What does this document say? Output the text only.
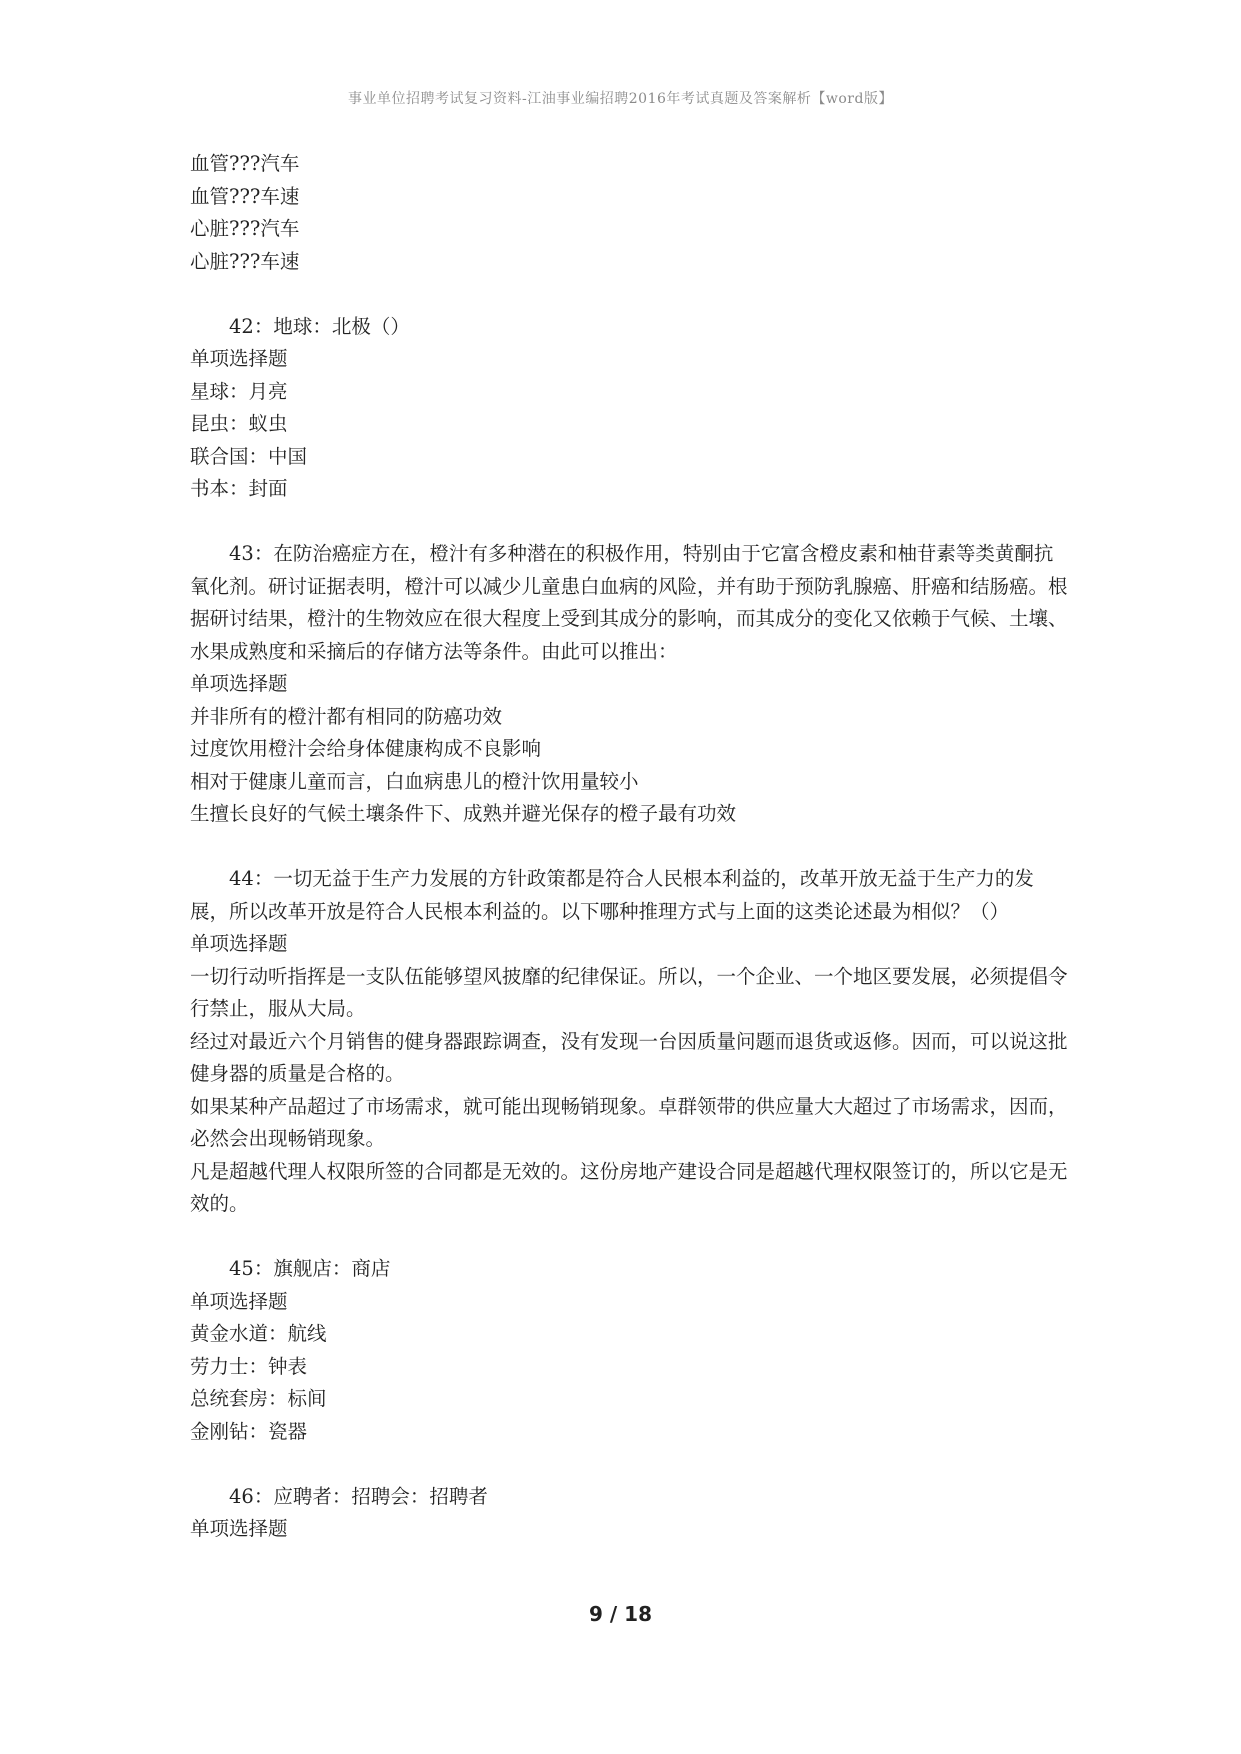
事业单位招聘考试复习资料-江油事业编招聘2016年考试真题及答案解析【word版】
血管???汽车
血管???车速
心脏???汽车
心脏???车速
42：地球：北极（）
单项选择题
星球：月亮
昆虫：蚁虫
联合国：中国
书本：封面
43：在防治癌症方在，橙汁有多种潜在的积极作用，特别由于它富含橙皮素和柚苷素等类黄酮抗氧化剂。研讨证据表明，橙汁可以减少儿童患白血病的风险，并有助于预防乳腺癌、肝癌和结肠癌。根据研讨结果，橙汁的生物效应在很大程度上受到其成分的影响，而其成分的变化又依赖于气候、土壤、水果成熟度和采摘后的存储方法等条件。由此可以推出：
单项选择题
并非所有的橙汁都有相同的防癌功效
过度饮用橙汁会给身体健康构成不良影响
相对于健康儿童而言，白血病患儿的橙汁饮用量较小
生擅长良好的气候土壤条件下、成熟并避光保存的橙子最有功效
44：一切无益于生产力发展的方针政策都是符合人民根本利益的，改革开放无益于生产力的发展，所以改革开放是符合人民根本利益的。以下哪种推理方式与上面的这类论述最为相似？（）
单项选择题
一切行动听指挥是一支队伍能够望风披靡的纪律保证。所以，一个企业、一个地区要发展，必须提倡令行禁止，服从大局。
经过对最近六个月销售的健身器跟踪调查，没有发现一台因质量问题而退货或返修。因而，可以说这批健身器的质量是合格的。
如果某种产品超过了市场需求，就可能出现畅销现象。卓群领带的供应量大大超过了市场需求，因而，必然会出现畅销现象。
凡是超越代理人权限所签的合同都是无效的。这份房地产建设合同是超越代理权限签订的，所以它是无效的。
45：旗舰店：商店
单项选择题
黄金水道：航线
劳力士：钟表
总统套房：标间
金刚钻：瓷器
46：应聘者：招聘会：招聘者
单项选择题
9 / 18
